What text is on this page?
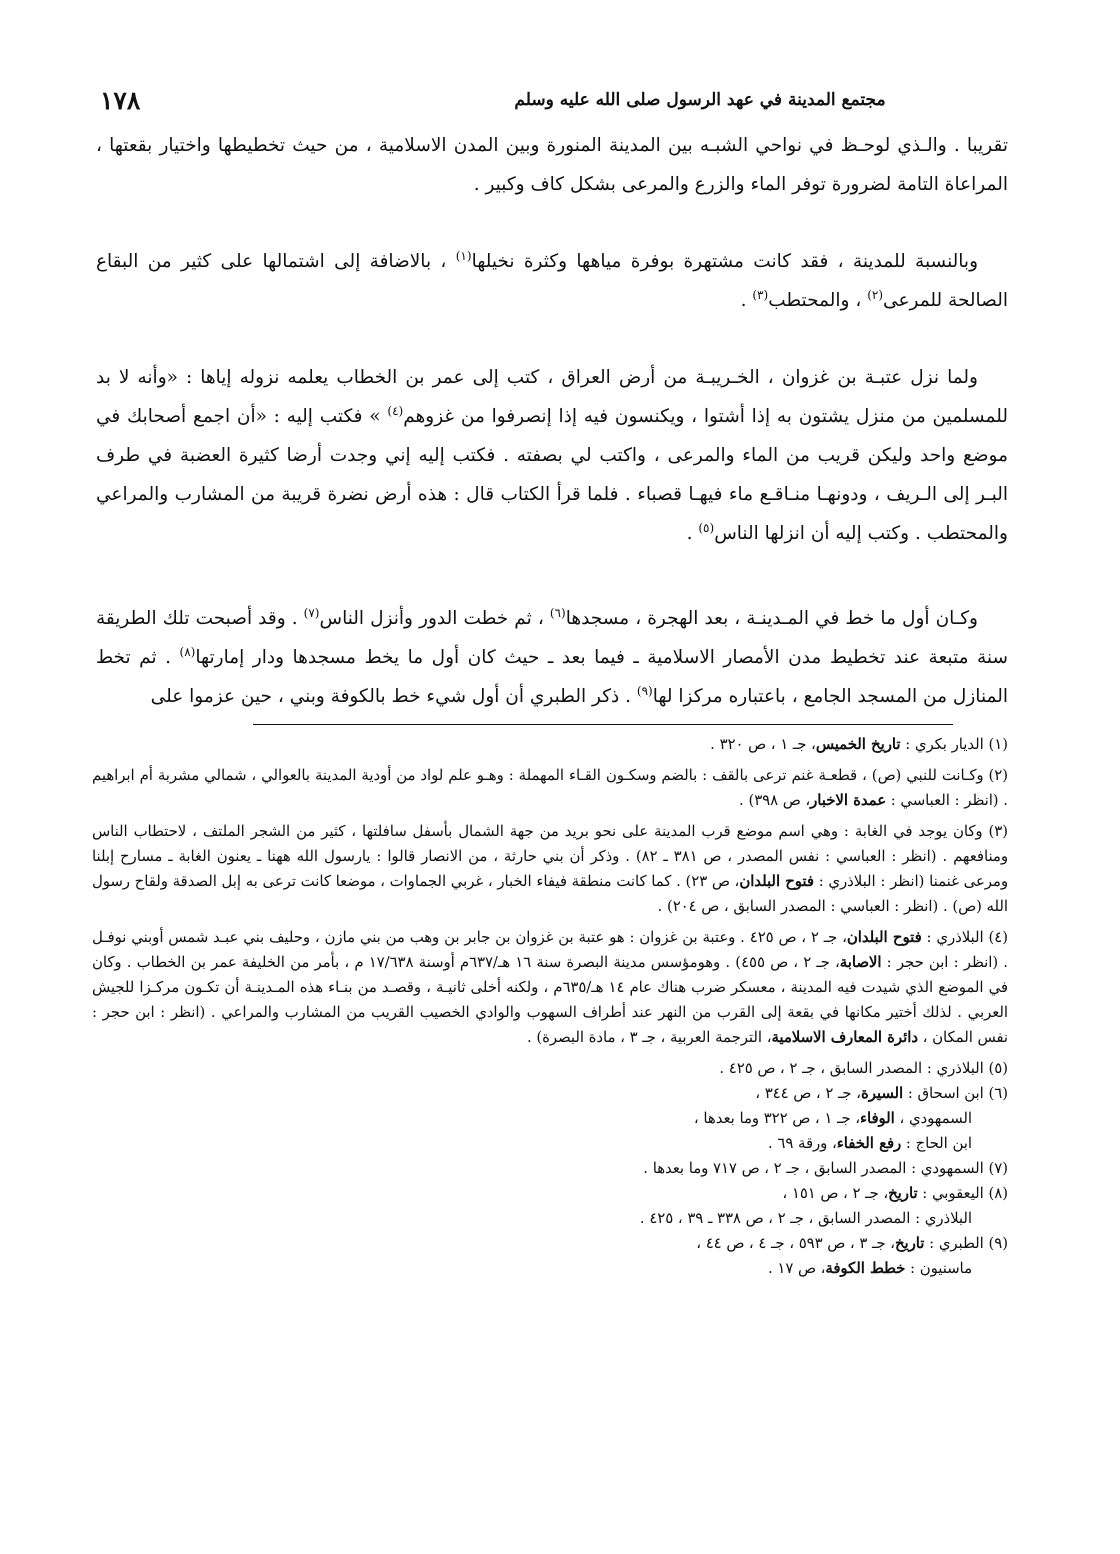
١٧٨	مجتمع المدينة في عهد الرسول صلى الله عليه وسلم

تقريبا . والـذي لوحـظ في نواحي الشبـه بين المدينة المنورة وبين المدن الاسلامية ، من حيث تخطيطها واختيار بقعتها ، المراعاة التامة لضرورة توفر الماء والزرع والمرعى بشكل كاف وكبير .

وبالنسبة للمدينة ، فقد كانت مشتهرة بوفرة مياهها وكثرة نخيلها$^{(١)}$ ، بالاضافة إلى اشتمالها على كثير من البقاع الصالحة للمرعى$^{(٢)}$ ، والمحتطب$^{(٣)}$ .

ولما نزل عتبـة بن غزوان ، الخـريبـة من أرض العراق ، كتب إلى عمر بن الخطاب يعلمه نزوله إياها : «وأنه لا بد للمسلمين من منزل يشتون به إذا أشتوا ، ويكنسون فيه إذا إنصرفوا من غزوهم$^{(٤)}$ » فكتب إليه : «أن اجمع أصحابك في موضع واحد وليكن قريب من الماء والمرعى ، واكتب لي بصفته . فكتب إليه إني وجدت أرضا كثيرة العضبة في طرف البـر إلى الـريف ، ودونهـا منـاقـع ماء فيهـا قصباء . فلما قرأ الكتاب قال : هذه أرض نضرة قريبة من المشارب والمراعي والمحتطب . وكتب إليه أن انزلها الناس$^{(٥)}$ .

وكـان أول ما خط في المـدينـة ، بعد الهجرة ، مسجدها$^{(٦)}$ ، ثم خطت الدور وأنزل الناس$^{(٧)}$ . وقد أصبحت تلك الطريقة سنة متبعة عند تخطيط مدن الأمصار الاسلامية ـ فيما بعد ـ حيث كان أول ما يخط مسجدها ودار إمارتها$^{(٨)}$ . ثم تخط المنازل من المسجد الجامع ، باعتباره مركزا لها$^{(٩)}$ . ذكر الطبري أن أول شيء خط بالكوفة وبني ، حين عزموا على

(١) الديار بكري : تاريخ الخميس، جـ ١ ، ص ٣٢٠ .

(٢) وكـانت للنبي (ص) ، قطعـة غنم ترعى بالقف : بالضم وسكـون القـاء المهملة : وهـو علم لواد من أودية المدينة بالعوالي ، شمالي مشربة أم ابراهيم . (انظر : العباسي : عمدة الاخبار، ص ٣٩٨) .

(٣) وكان يوجد في الغابة : وهي اسم موضع قرب المدينة على نحو بريد من جهة الشمال بأسفل سافلتها ، كثير من الشجر الملتف ، لاحتطاب الناس ومنافعهم . (انظر : العباسي : نفس المصدر ، ص ٣٨١ ـ ٨٢) . وذكر أن بني حارثة ، من الانصار قالوا : يارسول الله ههنا ـ يعنون الغابة ـ مسارح إبلنا ومرعى غنمنا (انظر : البلاذري : فتوح البلدان، ص ٢٣) . كما كانت منطقة فيفاء الخبار ، غربي الجماوات ، موضعا كانت ترعى به إبل الصدقة ولقاح رسول الله (ص) . (انظر : العباسي : المصدر السابق ، ص ٢٠٤) .

(٤) البلاذري : فتوح البلدان، جـ ٢ ، ص ٤٢٥ . وعتبة بن غزوان : هو عتبة بن غزوان بن جابر بن وهب من بني مازن ، وحليف بني عبـد شمس أوبني نوفـل . (انظر : ابن حجر : الاصابة، جـ ٢ ، ص ٤٥٥) . وهومؤسس مدينة البصرة سنة ١٦ هـ/٦٣٧م أوسنة ١٧/٦٣٨ م ، بأمر من الخليفة عمر بن الخطاب . وكان في الموضع الذي شيدت فيه المدينة ، معسكر ضرب هناك عام ١٤ هـ/٦٣٥م ، ولكنه أخلى ثانيـة ، وقصـد من بنـاء هذه المـدينـة أن تكـون مركـزا للجيش العربي . لذلك أختير مكانها في بقعة إلى القرب من النهر عند أطراف السهوب والوادي الخصيب القريب من المشارب والمراعي . (انظر : ابن حجر : نفس المكان ، دائرة المعارف الاسلامية، الترجمة العربية ، جـ ٣ ، مادة البصرة) .

(٥) البلاذري : المصدر السابق ، جـ ٢ ، ص ٤٢٥ .
(٦) ابن اسحاق : السيرة، جـ ٢ ، ص ٣٤٤ ،
السمهودي ، الوفاء، جـ ١ ، ص ٣٢٢ وما بعدها ،
ابن الحاج : رفع الخفاء، ورقة ٦٩ .
(٧) السمهودي : المصدر السابق ، جـ ٢ ، ص ٧١٧ وما بعدها .
(٨) اليعقوبي : تاريخ، جـ ٢ ، ص ١٥١ ،
البلاذري : المصدر السابق ، جـ ٢ ، ص ٣٣٨ ـ ٣٩ ، ٤٢٥ .
(٩) الطبري : تاريخ، جـ ٣ ، ص ٥٩٣ ، جـ ٤ ، ص ٤٤ ،
ماسنيون : خطط الكوفة، ص ١٧ .
